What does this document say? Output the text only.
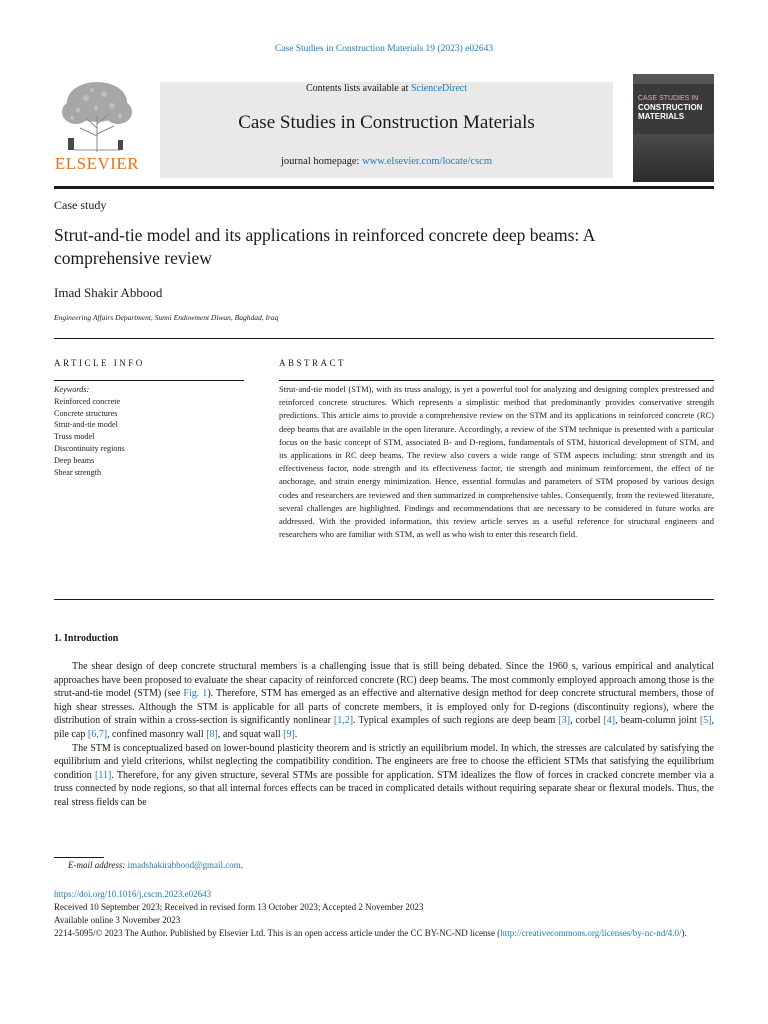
Case Studies in Construction Materials 19 (2023) e02643
ELSEVIER
Contents lists available at ScienceDirect
Case Studies in Construction Materials
journal homepage: www.elsevier.com/locate/cscm
CASE STUDIES IN
CONSTRUCTION
MATERIALS
Case study
Strut-and-tie model and its applications in reinforced concrete deep beams: A comprehensive review
Imad Shakir Abbood
Engineering Affairs Department, Sunni Endowment Diwan, Baghdad, Iraq
ARTICLE INFO	ABSTRACT
Keywords:
Reinforced concrete
Concrete structures
Strut-and-tie model
Truss model
Discontinuity regions
Deep beams
Shear strength
Strut-and-tie model (STM), with its truss analogy, is yet a powerful tool for analyzing and designing complex prestressed and reinforced concrete structures. Which represents a simplistic method that predominantly provides conservative strength predictions. This article aims to provide a comprehensive review on the STM and its applications in reinforced concrete (RC) deep beams that are available in the open literature. Accordingly, a review of the STM technique is presented with a particular focus on the basic concept of STM, associated B- and D-regions, fundamentals of STM, historical development of STM, and its applications in RC deep beams. The review also covers a wide range of STM aspects including: strut strength and its effectiveness factor, node strength and its effectiveness factor, tie strength and minimum reinforcement, the effect of tie anchorage, and strain energy minimization. Hence, essential formulas and parameters of STM proposed by various design codes and researchers are reviewed and then summarized in comprehensive tables. Consequently, from the reviewed literature, several challenges are highlighted. Findings and recommendations that are necessary to be considered in future works are addressed. With the provided information, this review article serves as a useful reference for structural engineers and researchers who are familiar with STM, as well as who wish to enter this research field.
1. Introduction

The shear design of deep concrete structural members is a challenging issue that is still being debated. Since the 1960 s, various empirical and analytical approaches have been proposed to evaluate the shear capacity of reinforced concrete (RC) deep beams. The most commonly employed approach among those is the strut-and-tie model (STM) (see Fig. 1). Therefore, STM has emerged as an effective and alternative design method for deep concrete structural members, those of high shear stresses. Although the STM is applicable for all parts of concrete members, it is employed only for D-regions (discontinuity regions), where the distribution of strain within a cross-section is significantly nonlinear [1,2]. Typical examples of such regions are deep beam [3], corbel [4], beam-column joint [5], pile cap [6,7], confined masonry wall [8], and squat wall [9].

The STM is conceptualized based on lower-bound plasticity theorem and is strictly an equilibrium model. In which, the stresses are calculated by satisfying the equilibrium and yield criterions, whilst neglecting the compatibility condition. The engineers are free to choose the efficient STMs that satisfying the equilibrium condition [11]. Therefore, for any given structure, several STMs are possible for application. STM idealizes the flow of forces in cracked concrete member via a truss connected by node regions, so that all internal forces effects can be traced in complicated details without requiring separate shear or flexural models. Thus, the real stress fields can be

E-mail address: imadshakirabbood@gmail.com.
https://doi.org/10.1016/j.cscm.2023.e02643
Received 10 September 2023; Received in revised form 13 October 2023; Accepted 2 November 2023
Available online 3 November 2023
2214-5095/© 2023 The Author. Published by Elsevier Ltd. This is an open access article under the CC BY-NC-ND license (http://creativecommons.org/licenses/by-nc-nd/4.0/).
